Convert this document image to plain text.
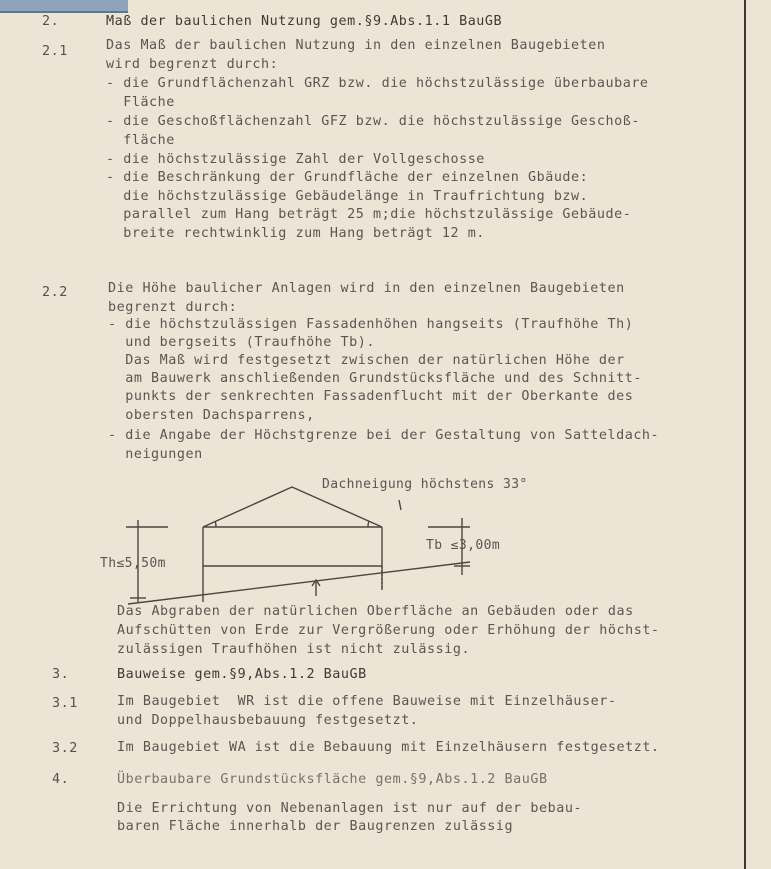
2.	Maß der baulichen Nutzung gem.§9.Abs.1.1 BauGB
2.1	Das Maß der baulichen Nutzung in den einzelnen Baugebieten
wird begrenzt durch:
- die Grundflächenzahl GRZ bzw. die höchstzulässige überbaubare
Fläche
- die Geschoßflächenzahl GFZ bzw. die höchstzulässige Geschoß-
fläche
- die höchstzulässige Zahl der Vollgeschosse
- die Beschränkung der Grundfläche der einzelnen Gbäude:
die höchstzulässige Gebäudelänge in Traufrichtung bzw.
parallel zum Hang beträgt 25 m;die höchstzulässige Gebäude-
breite rechtwinklig zum Hang beträgt 12 m.
2.2	Die Höhe baulicher Anlagen wird in den einzelnen Baugebieten
begrenzt durch:
- die höchstzulässigen Fassadenhöhen hangseits (Traufhöhe Th)
und bergseits (Traufhöhe Tb).
Das Maß wird festgesetzt zwischen der natürlichen Höhe der
am Bauwerk anschließenden Grundstücksfläche und des Schnitt-
punkts der senkrechten Fassadenflucht mit der Oberkante des
obersten Dachsparrens,
- die Angabe der Höchstgrenze bei der Gestaltung von Satteldach-
neigungen
Dachneigung höchstens 33°
Th≤5,50m
Tb ≤3,00m
Das Abgraben der natürlichen Oberfläche an Gebäuden oder das
Aufschütten von Erde zur Vergrößerung oder Erhöhung der höchst-
zulässigen Traufhöhen ist nicht zulässig.
3.	Bauweise gem.§9,Abs.1.2 BauGB
3.1	Im Baugebiet  WR ist die offene Bauweise mit Einzelhäuser-
und Doppelhausbebauung festgesetzt.
3.2	Im Baugebiet WA ist die Bebauung mit Einzelhäusern festgesetzt.
4.	Überbaubare Grundstücksfläche gem.§9,Abs.1.2 BauGB
Die Errichtung von Nebenanlagen ist nur auf der bebau-
baren Fläche innerhalb der Baugrenzen zulässig
